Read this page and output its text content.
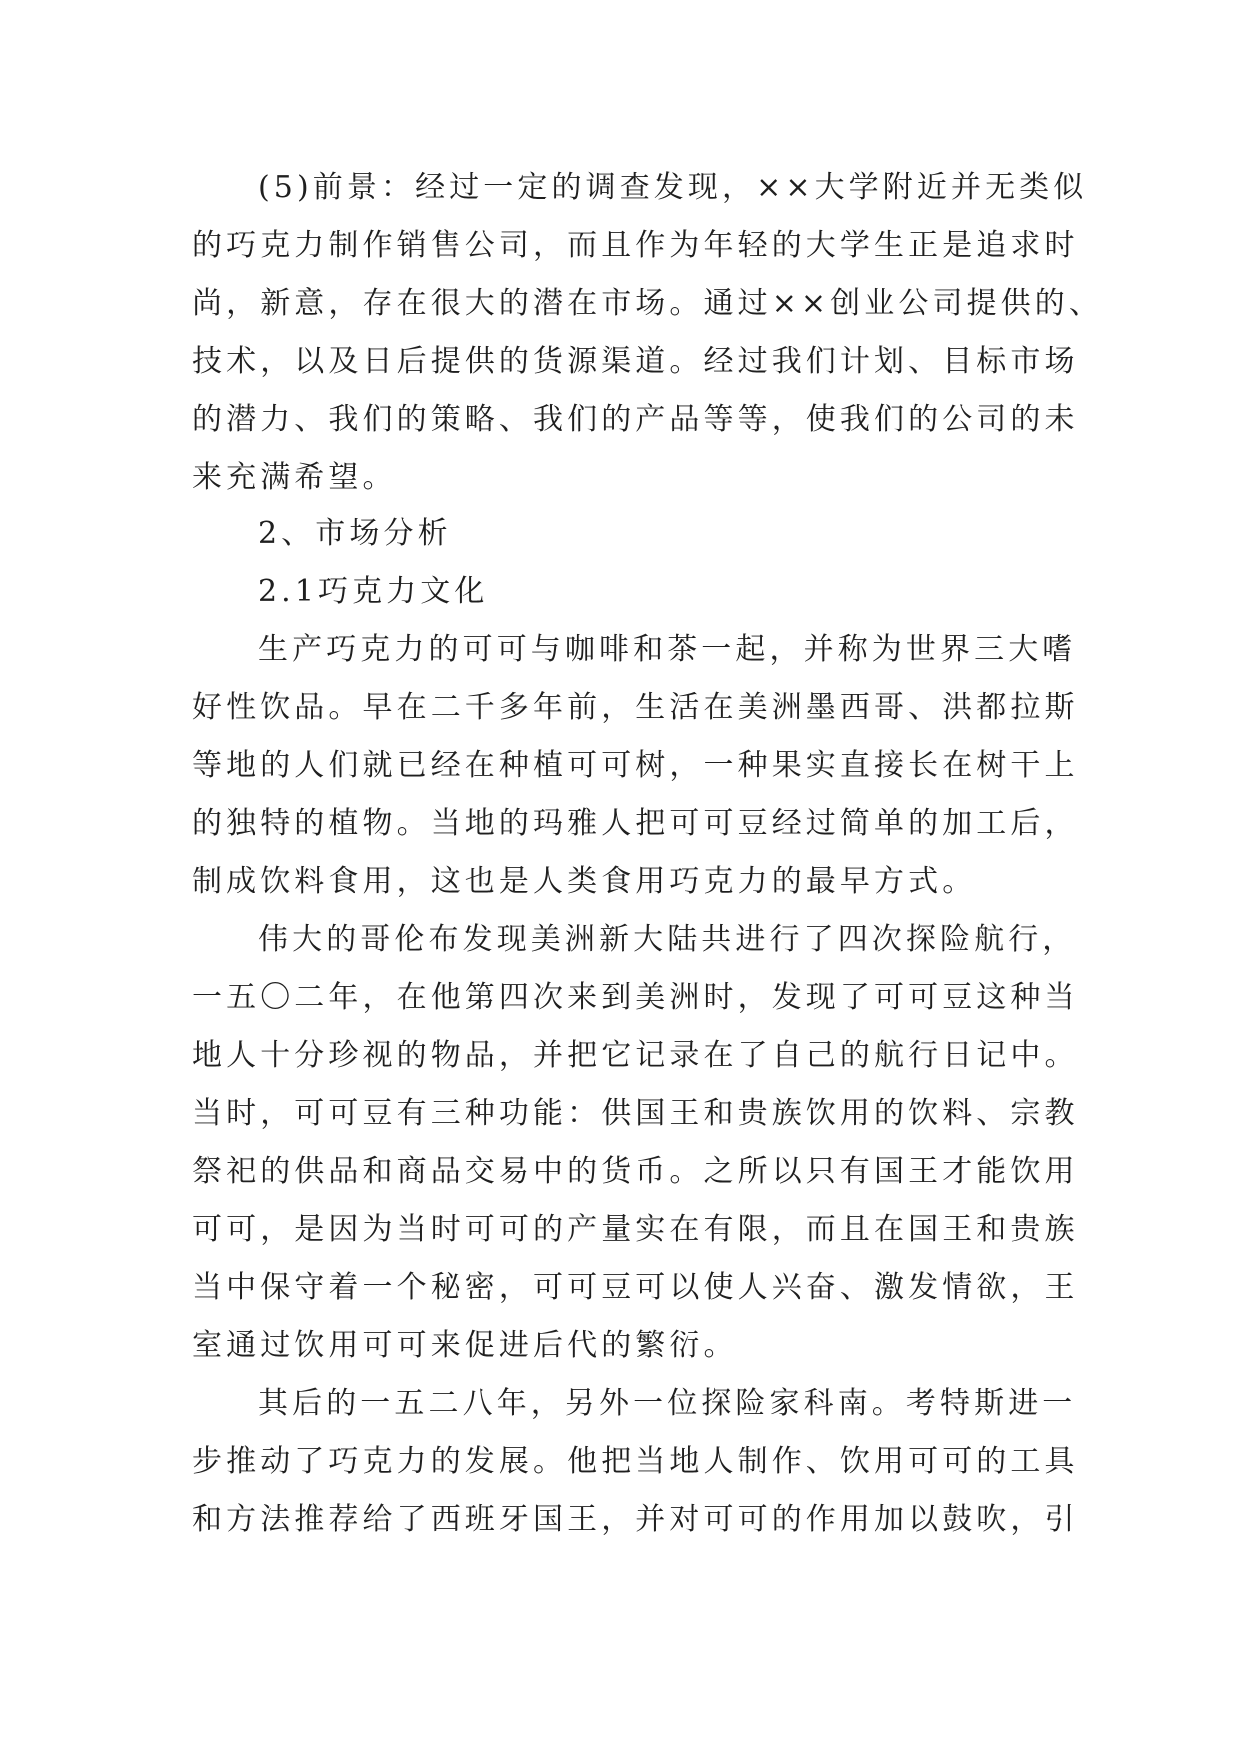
(5)前景：经过一定的调查发现，××大学附近并无类似
的巧克力制作销售公司，而且作为年轻的大学生正是追求时
尚，新意，存在很大的潜在市场。通过××创业公司提供的、
技术，以及日后提供的货源渠道。经过我们计划、目标市场
的潜力、我们的策略、我们的产品等等，使我们的公司的未
来充满希望。
2、市场分析
2.1巧克力文化
生产巧克力的可可与咖啡和茶一起，并称为世界三大嗜
好性饮品。早在二千多年前，生活在美洲墨西哥、洪都拉斯
等地的人们就已经在种植可可树，一种果实直接长在树干上
的独特的植物。当地的玛雅人把可可豆经过简单的加工后，
制成饮料食用，这也是人类食用巧克力的最早方式。
伟大的哥伦布发现美洲新大陆共进行了四次探险航行，
一五〇二年，在他第四次来到美洲时，发现了可可豆这种当
地人十分珍视的物品，并把它记录在了自己的航行日记中。
当时，可可豆有三种功能：供国王和贵族饮用的饮料、宗教
祭祀的供品和商品交易中的货币。之所以只有国王才能饮用
可可，是因为当时可可的产量实在有限，而且在国王和贵族
当中保守着一个秘密，可可豆可以使人兴奋、激发情欲，王
室通过饮用可可来促进后代的繁衍。
其后的一五二八年，另外一位探险家科南。考特斯进一
步推动了巧克力的发展。他把当地人制作、饮用可可的工具
和方法推荐给了西班牙国王，并对可可的作用加以鼓吹，引
